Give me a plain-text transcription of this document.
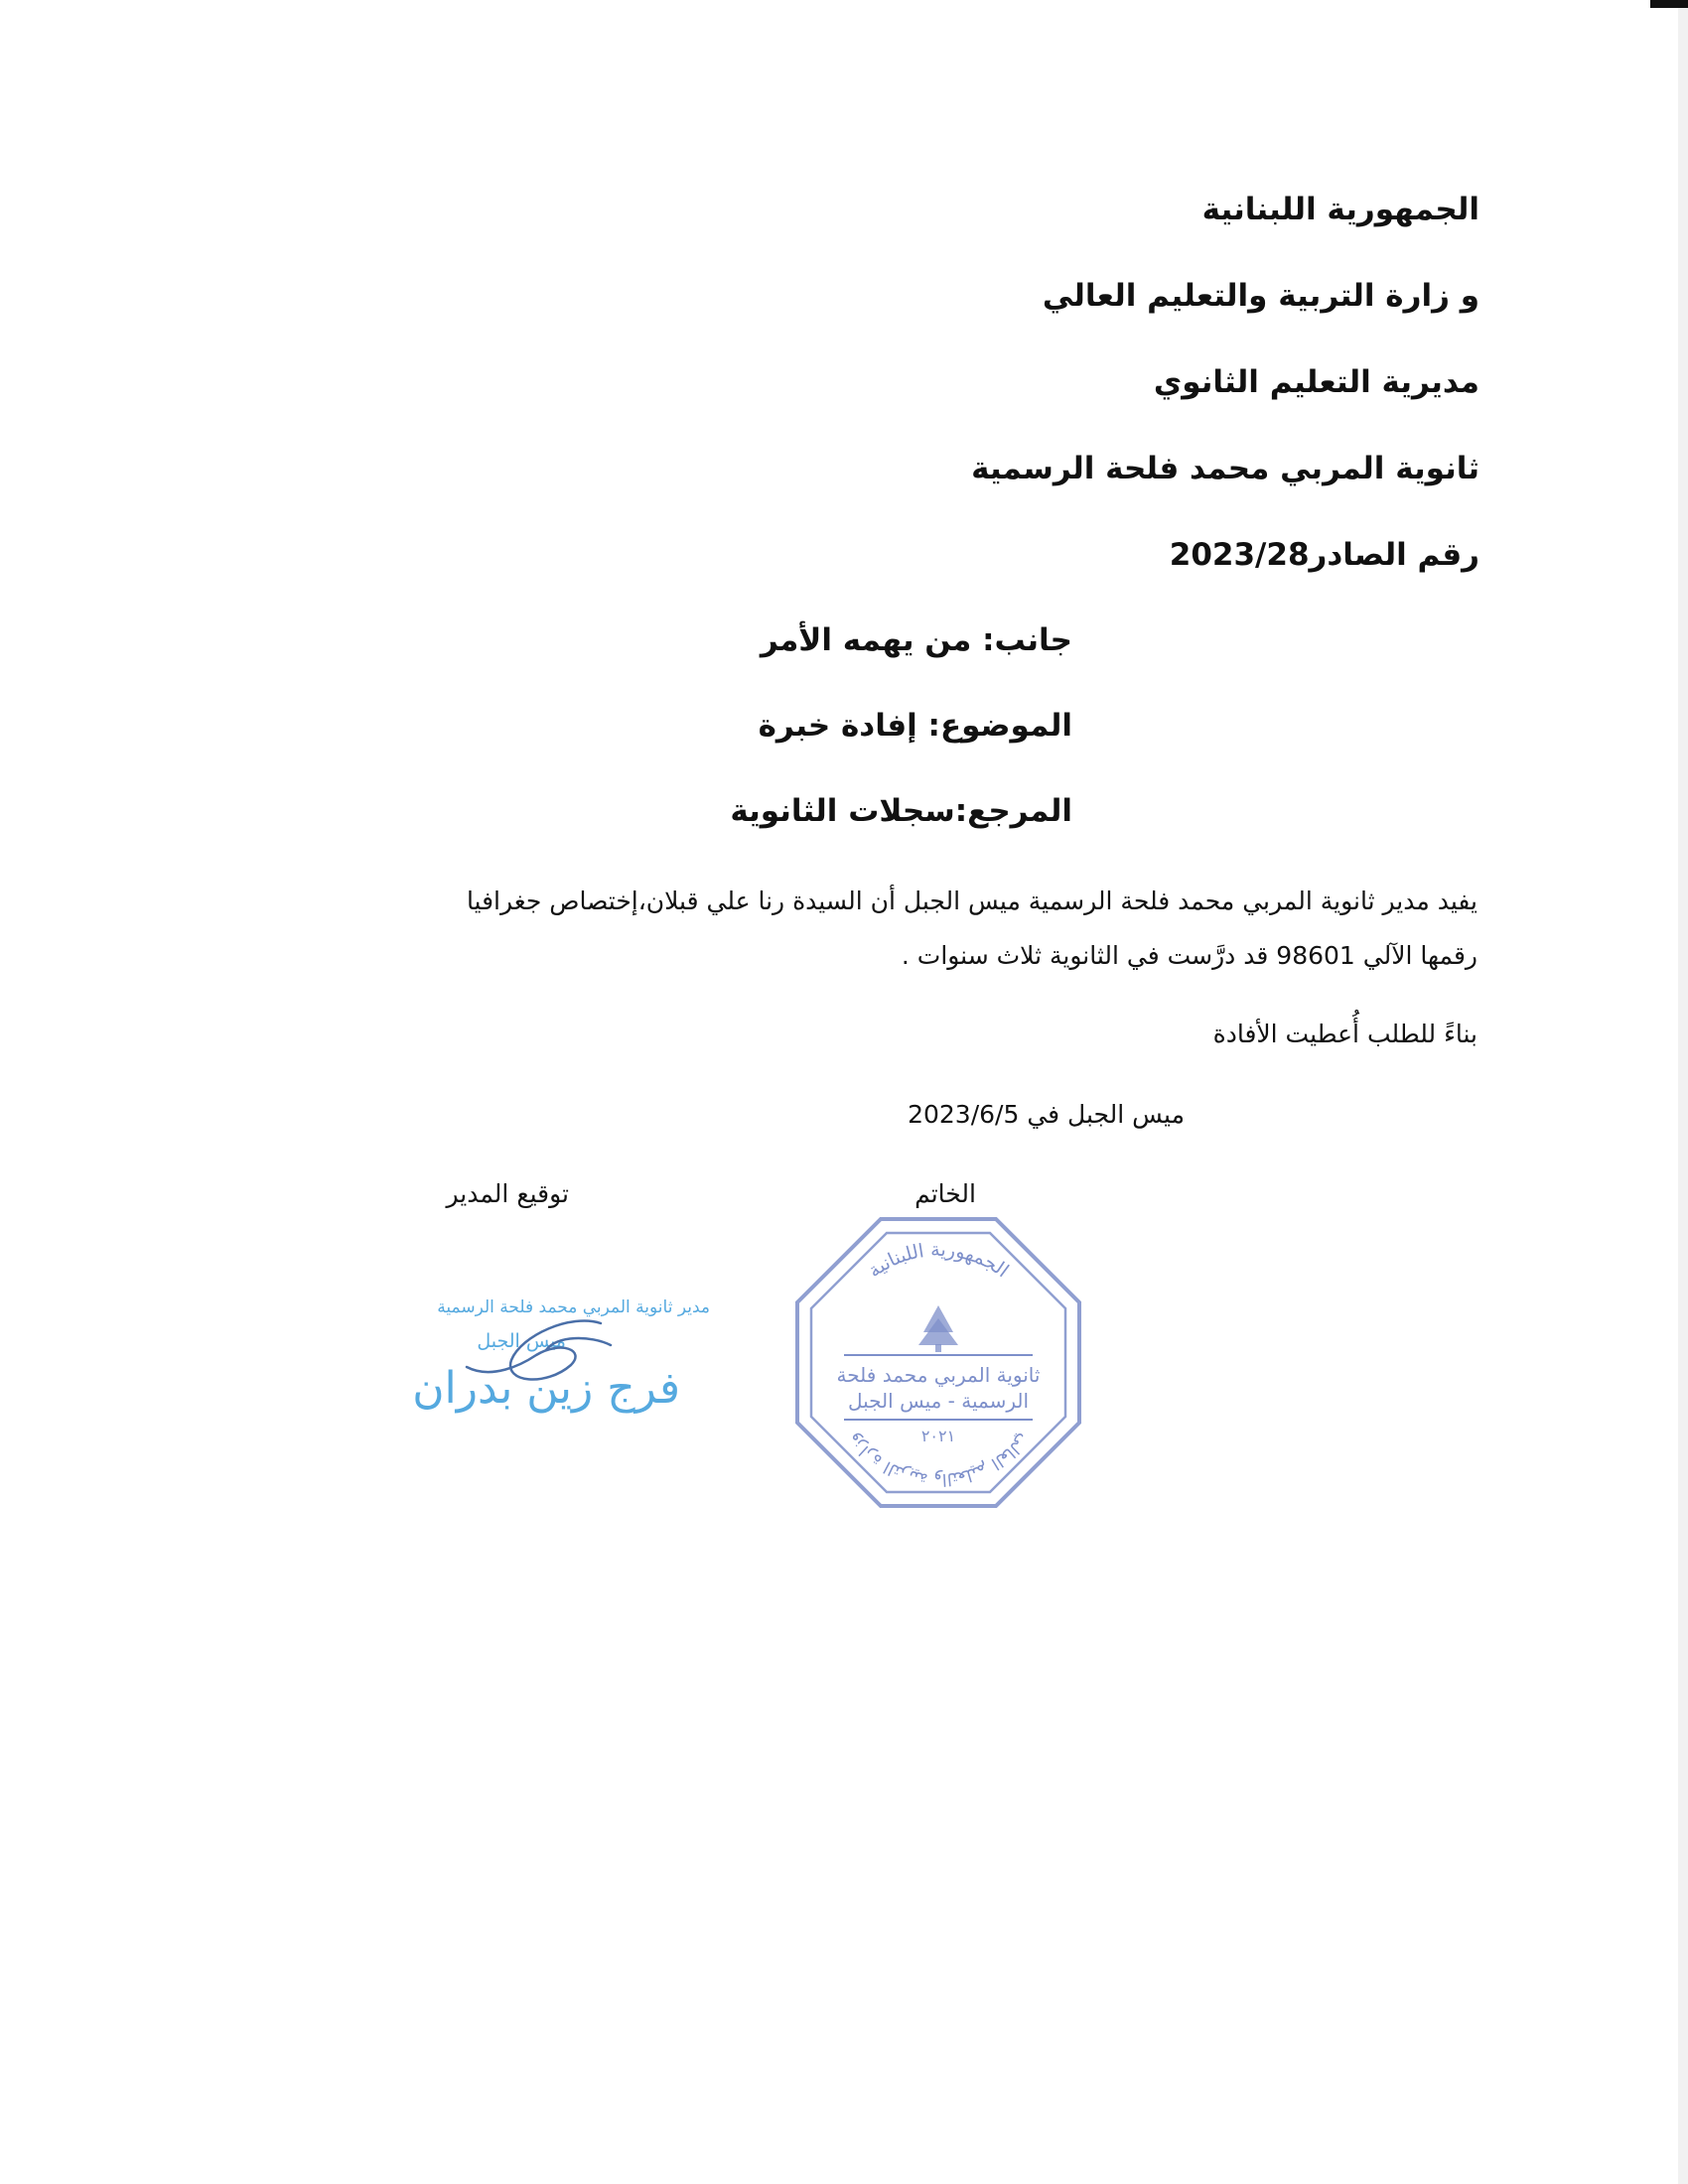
الجمهورية اللبنانية
و زارة التربية والتعليم العالي
مديرية التعليم الثانوي
ثانوية المربي محمد فلحة الرسمية
رقم الصادر2023/28
جانب: من يهمه الأمر
الموضوع: إفادة خبرة
المرجع:سجلات الثانوية
يفيد مدير ثانوية المربي محمد فلحة الرسمية ميس الجبل أن السيدة رنا علي قبلان،إختصاص جغرافيا
رقمها الآلي 98601 قد درَّست في الثانوية ثلاث سنوات .
بناءً للطلب أُعطيت الأفادة
ميس الجبل في 2023/6/5
الخاتم
توقيع المدير
الجمهورية اللبنانية
ثانوية المربي محمد فلحة
الرسمية - ميس الجبل
٢٠٢١	وزارة التربية والتعليم العالي
مدير ثانوية المربي محمد فلحة الرسمية
ميس الجبل
فرج زين بدران
